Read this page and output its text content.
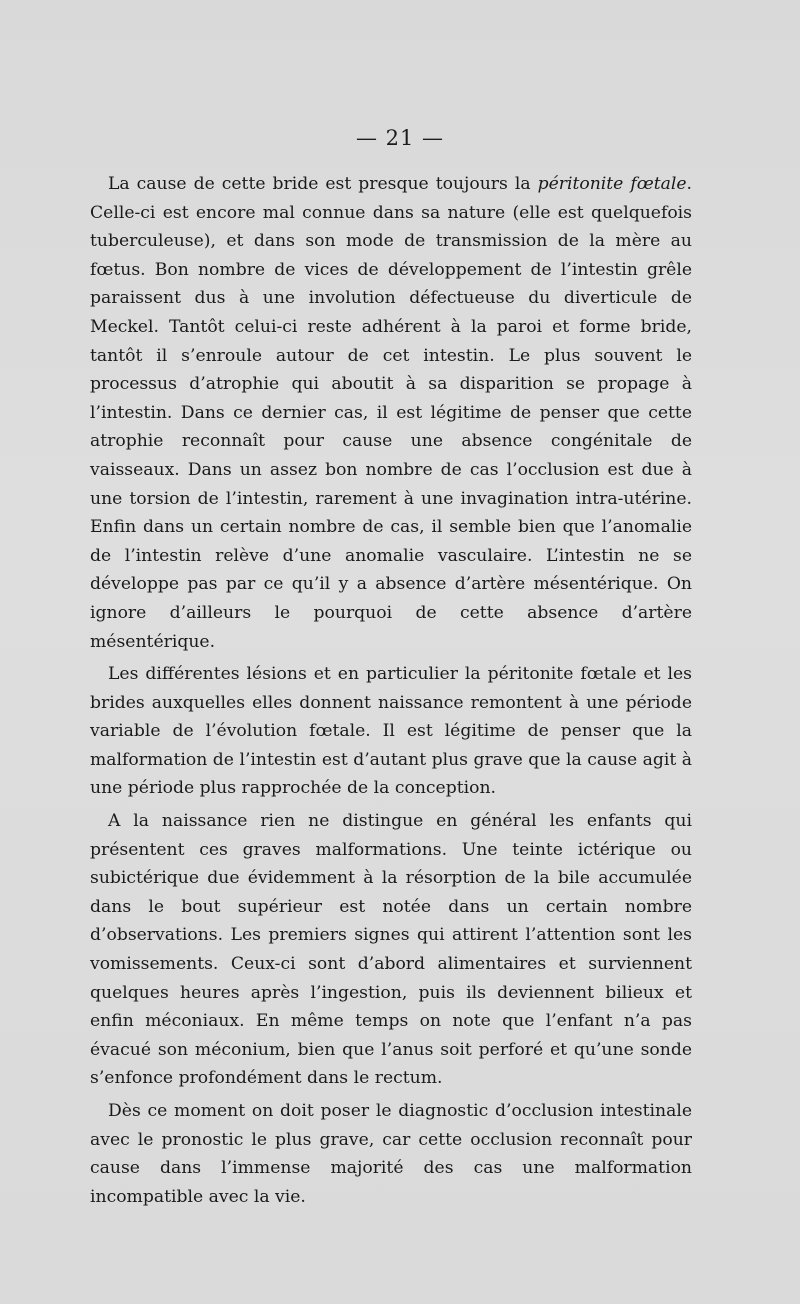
— 21 —

La cause de cette bride est presque toujours la péritonite fœtale. Celle-ci est encore mal connue dans sa nature (elle est quelquefois tuberculeuse), et dans son mode de transmission de la mère au fœtus. Bon nombre de vices de développement de l’intestin grêle paraissent dus à une involution défectueuse du diverticule de Meckel. Tantôt celui-ci reste adhérent à la paroi et forme bride, tantôt il s’enroule autour de cet intestin. Le plus souvent le processus d’atrophie qui aboutit à sa disparition se propage à l’intestin. Dans ce dernier cas, il est légitime de penser que cette atrophie reconnaît pour cause une absence congénitale de vaisseaux. Dans un assez bon nombre de cas l’occlusion est due à une torsion de l’intestin, rarement à une invagination intra-utérine. Enfin dans un certain nombre de cas, il semble bien que l’anomalie de l’intestin relève d’une anomalie vasculaire. L’intestin ne se développe pas par ce qu’il y a absence d’artère mésentérique. On ignore d’ailleurs le pourquoi de cette absence d’artère mésentérique.

Les différentes lésions et en particulier la péritonite fœtale et les brides auxquelles elles donnent naissance remontent à une période variable de l’évolution fœtale. Il est légitime de penser que la malformation de l’intestin est d’autant plus grave que la cause agit à une période plus rapprochée de la conception.

A la naissance rien ne distingue en général les enfants qui présentent ces graves malformations. Une teinte ictérique ou subictérique due évidemment à la résorption de la bile accumulée dans le bout supérieur est notée dans un certain nombre d’observations. Les premiers signes qui attirent l’attention sont les vomissements. Ceux-ci sont d’abord alimentaires et surviennent quelques heures après l’ingestion, puis ils deviennent bilieux et enfin méconiaux. En même temps on note que l’enfant n’a pas évacué son méconium, bien que l’anus soit perforé et qu’une sonde s’enfonce profondément dans le rectum.

Dès ce moment on doit poser le diagnostic d’occlusion intestinale avec le pronostic le plus grave, car cette occlusion reconnaît pour cause dans l’immense majorité des cas une malformation incompatible avec la vie.
